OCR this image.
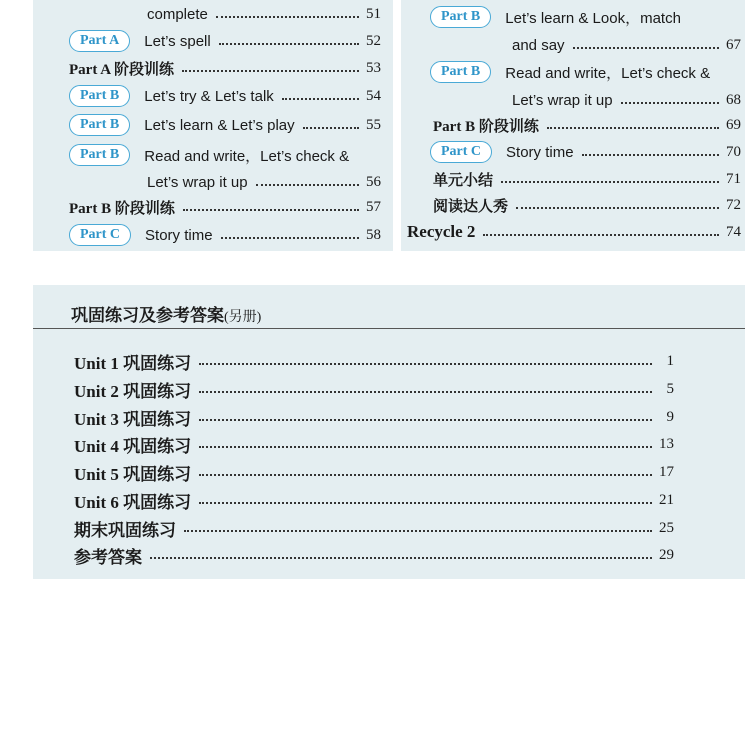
complete	51
Part A	Let’s spell	52
Part A 阶段训练	53
Part B	Let’s try & Let’s talk	54
Part B	Let’s learn & Let’s play	55
Part B	Read and write，Let’s check &
Let’s wrap it up	56
Part B 阶段训练	57
Part C	Story time	58
Part B	Let’s learn & Look，match
and say	67
Part B	Read and write，Let’s check &
Let’s wrap it up	68
Part B 阶段训练	69
Part C	Story time	70
单元小结	71
阅读达人秀	72
Recycle 2	74
巩固练习及参考答案(另册)
Unit 1 巩固练习	1
Unit 2 巩固练习	5
Unit 3 巩固练习	9
Unit 4 巩固练习	13
Unit 5 巩固练习	17
Unit 6 巩固练习	21
期末巩固练习	25
参考答案	29
